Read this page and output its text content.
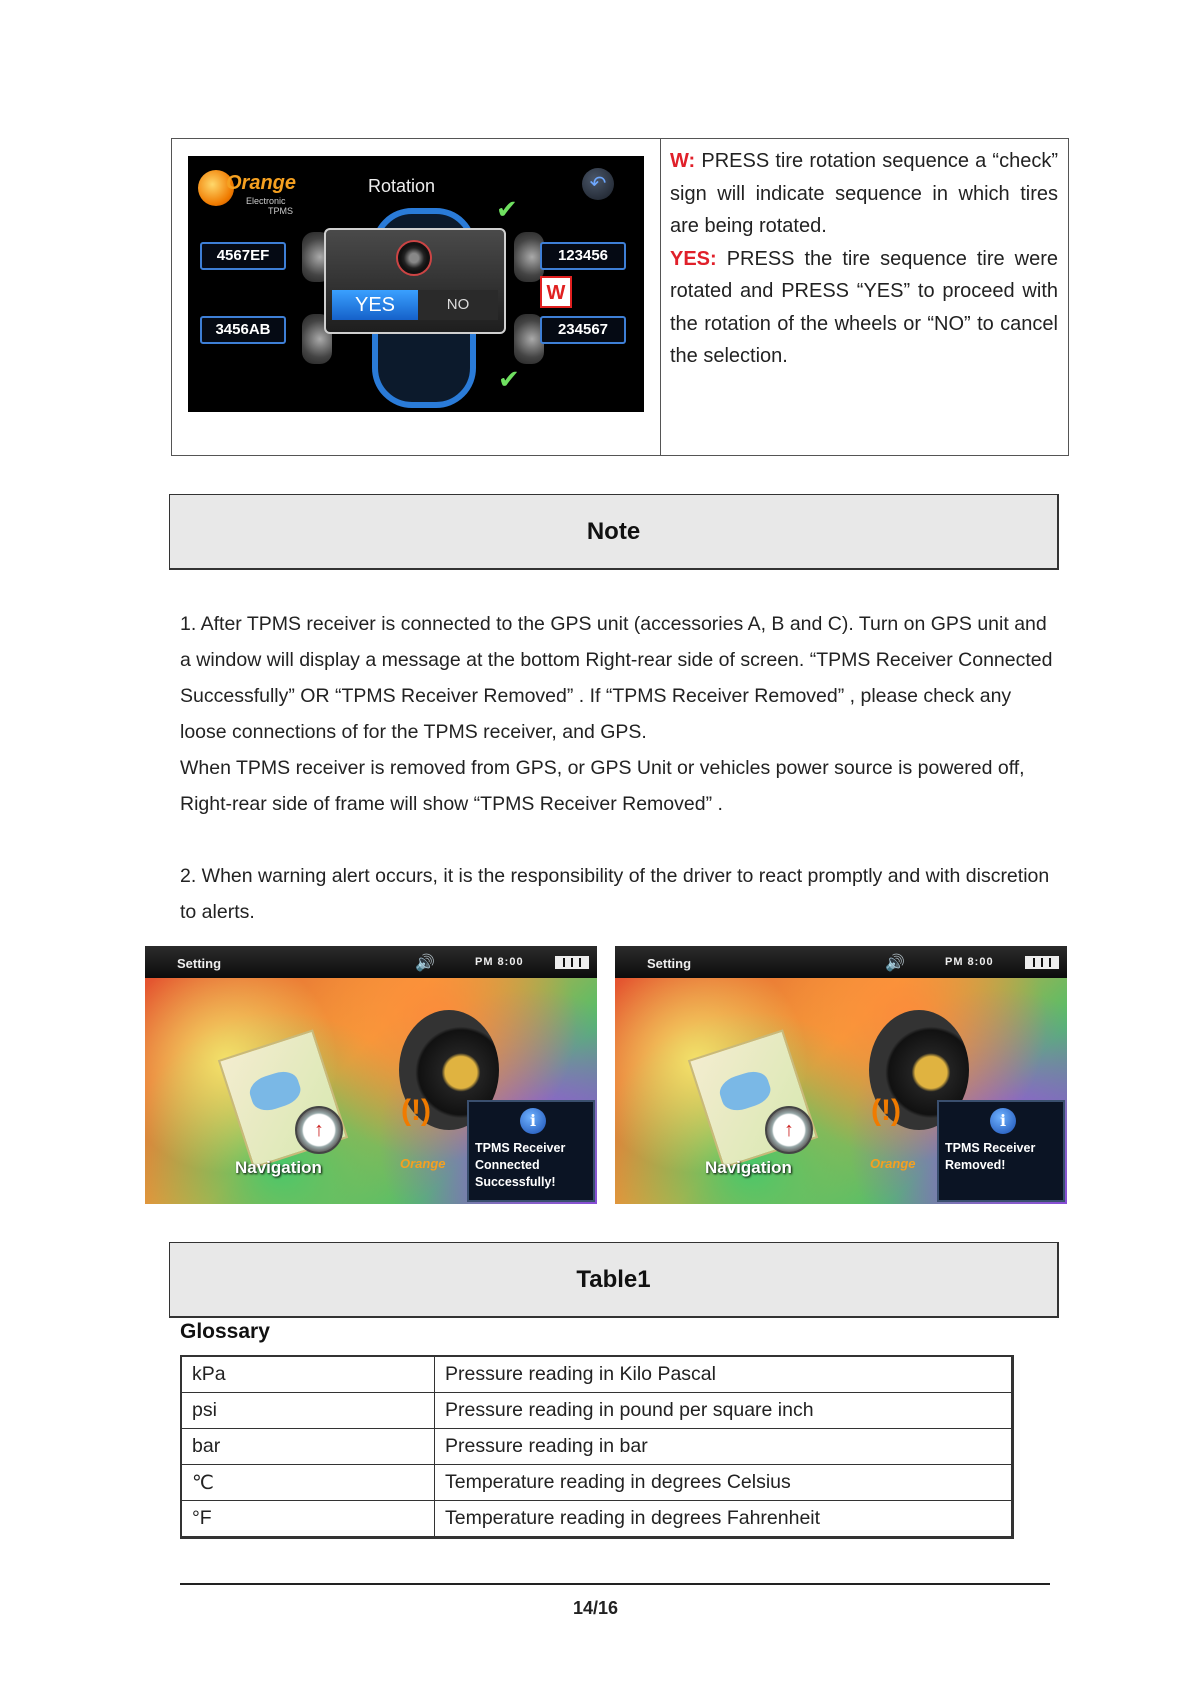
Orange
Electronic
TPMS
Rotation	↶
4567EF
3456AB
123456
234567
✔
✔
YES	NO
W
W: PRESS tire rotation sequence a “check” sign will indicate sequence in which tires are being rotated.
YES: PRESS the tire sequence tire were rotated and PRESS “YES” to proceed with the rotation of the wheels or “NO” to cancel the selection.
Note
1. After TPMS receiver is connected to the GPS unit (accessories A, B and C). Turn on GPS unit and a window will display a message at the bottom Right-rear side of screen. “TPMS Receiver Connected Successfully” OR “TPMS Receiver Removed” . If “TPMS Receiver Removed” , please check any loose connections of for the TPMS receiver, and GPS.
When TPMS receiver is removed from GPS, or GPS Unit or vehicles power source is powered off, Right-rear side of frame will show “TPMS Receiver Removed” .
2. When warning alert occurs, it is the responsibility of the driver to react promptly and with discretion to alerts.
Setting	🔊	PM 8:00
↑
Navigation
(!)
Orange
i
TPMS Receiver
Connected
Successfully!
Setting	🔊	PM 8:00
↑
Navigation
(!)
Orange
i
TPMS Receiver
Removed!
Table1
Glossary
kPa	Pressure reading in Kilo Pascal
psi	Pressure reading in pound per square inch
bar	Pressure reading in bar
℃	Temperature reading in degrees Celsius
°F	Temperature reading in degrees Fahrenheit
14/16
